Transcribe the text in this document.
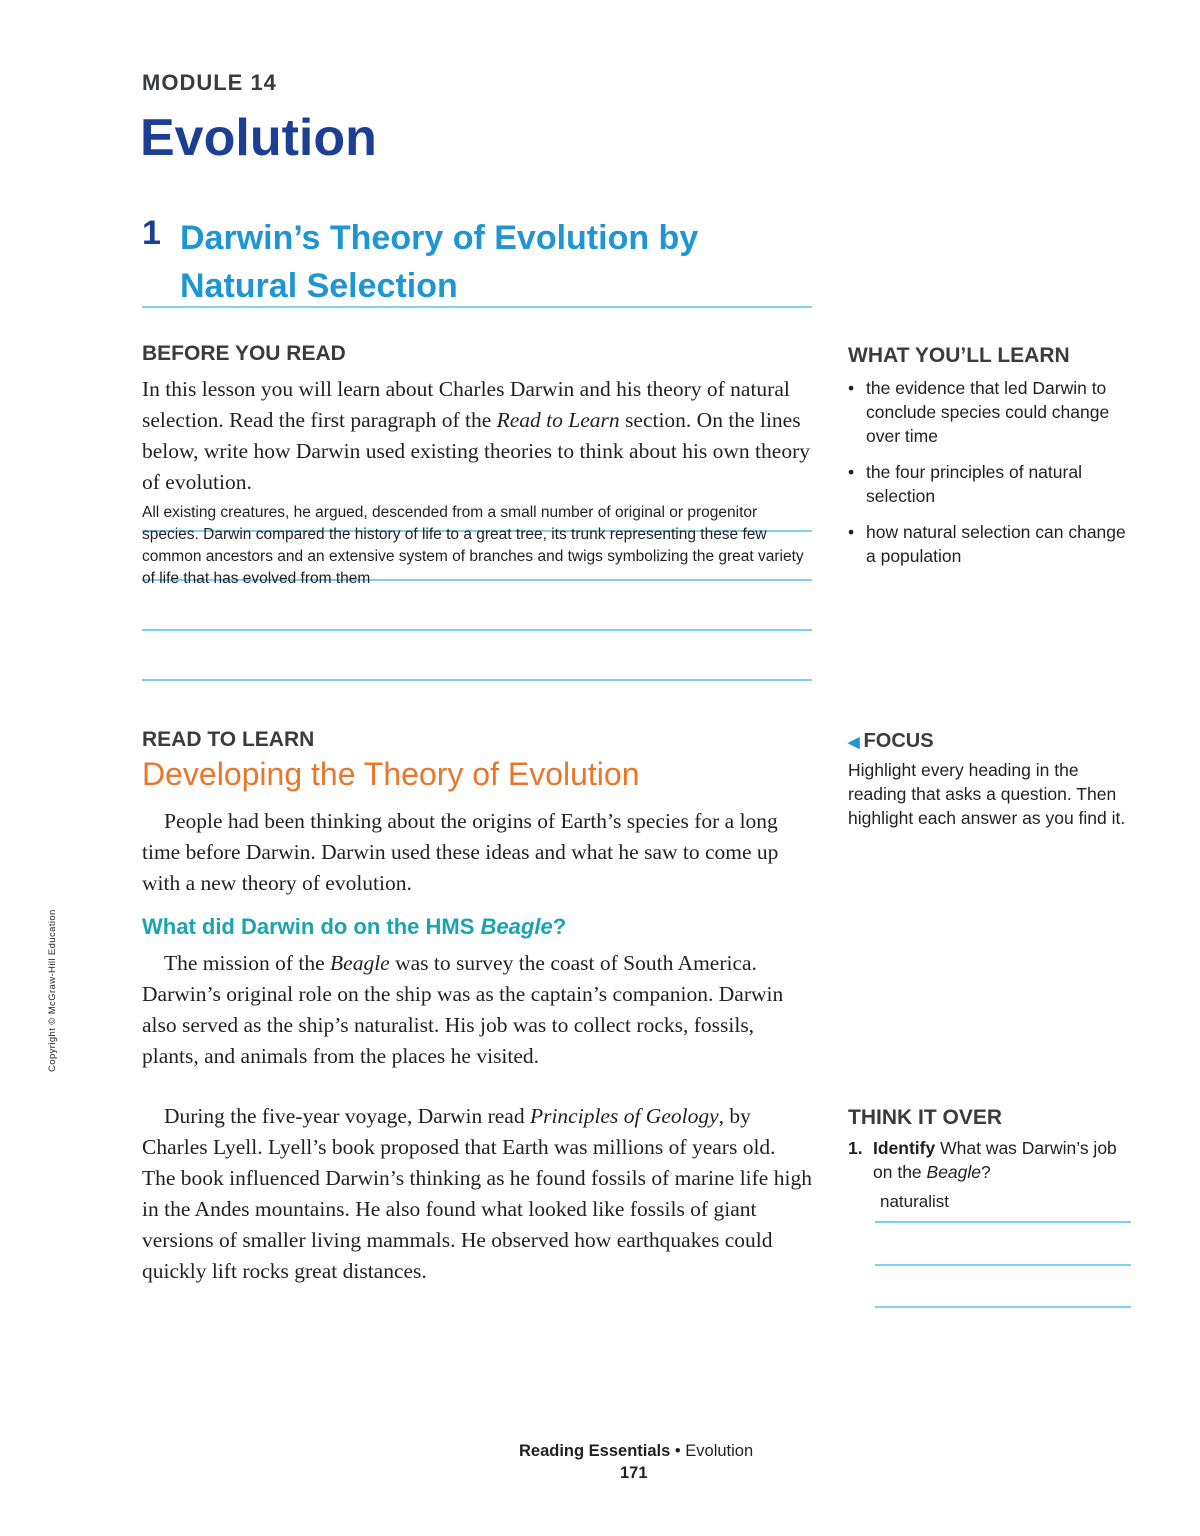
MODULE 14
Evolution
1 Darwin’s Theory of Evolution by Natural Selection
BEFORE YOU READ
In this lesson you will learn about Charles Darwin and his theory of natural selection. Read the first paragraph of the Read to Learn section. On the lines below, write how Darwin used existing theories to think about his own theory of evolution.
All existing creatures, he argued, descended from a small number of original or progenitor species. Darwin compared the history of life to a great tree, its trunk representing these few common ancestors and an extensive system of branches and twigs symbolizing the great variety of life that has evolved from them
WHAT YOU’LL LEARN
• the evidence that led Darwin to conclude species could change over time
• the four principles of natural selection
• how natural selection can change a population
READ TO LEARN
Developing the Theory of Evolution
People had been thinking about the origins of Earth’s species for a long time before Darwin. Darwin used these ideas and what he saw to come up with a new theory of evolution.
What did Darwin do on the HMS Beagle?
The mission of the Beagle was to survey the coast of South America. Darwin’s original role on the ship was as the captain’s companion. Darwin also served as the ship’s naturalist. His job was to collect rocks, fossils, plants, and animals from the places he visited.
During the five-year voyage, Darwin read Principles of Geology, by Charles Lyell. Lyell’s book proposed that Earth was millions of years old. The book influenced Darwin’s thinking as he found fossils of marine life high in the Andes mountains. He also found what looked like fossils of giant versions of smaller living mammals. He observed how earthquakes could quickly lift rocks great distances.
◀ FOCUS
Highlight every heading in the reading that asks a question. Then highlight each answer as you find it.
THINK IT OVER
1. Identify What was Darwin’s job on the Beagle?
naturalist
Copyright © McGraw-Hill Education
Reading Essentials • Evolution
171
